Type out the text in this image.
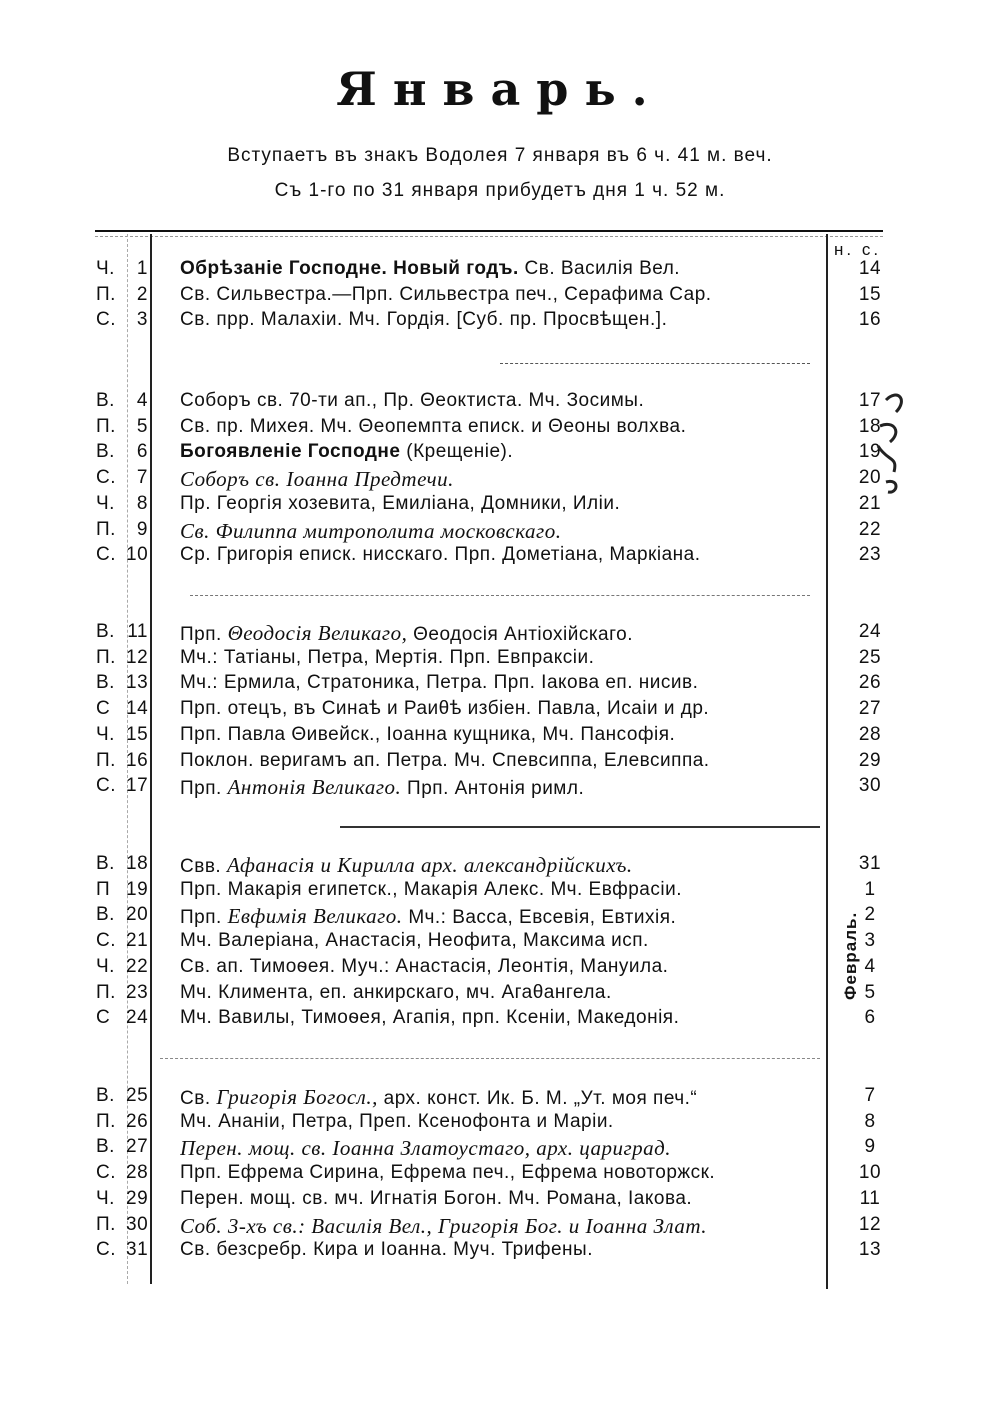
Январь.
Вступаетъ въ знакъ Водолея 7 января въ 6 ч. 41 м. веч.
Съ 1-го по 31 января прибудетъ дня 1 ч. 52 м.
н. с.
Ч.	1 Обрѣзаніе Господне. Новый годъ. Св. Василія Вел.	14
П.	2 Св. Сильвестра.—Прп. Сильвестра печ., Серафима Сар.	15
С.	3 Св. прр. Малахіи. Мч. Гордія. [Суб. пр. Просвѣщен.].	16
В.	4 Соборъ св. 70-ти ап., Пр. Θеоктиста. Мч. Зосимы.	17
П.	5 Св. пр. Михея. Мч. Θеопемпта еписк. и Θеоны волхва.	18
В.	6 Богоявленіе Господне (Крещеніе).	19
С.	7 Соборъ св. Іоанна Предтечи.	20
Ч.	8 Пр. Георгія хозевита, Емиліана, Домники, Иліи.	21
П.	9 Св. Филиппа митрополита московскаго.	22
С. 10 Ср. Григорія еписк. нисскаго. Прп. Дометіана, Маркіана.	23
В. 11 Прп. Θеодосія Великаго, Θеодосія Антіохійскаго.	24
П. 12 Мч.: Татіаны, Петра, Мертія. Прп. Евпраксіи.	25
В. 13 Мч.: Ермила, Стратоника, Петра. Прп. Іакова еп. нисив.	26
С 14 Прп. отецъ, въ Синаѣ и Раиθѣ избіен. Павла, Исаіи и др.	27
Ч. 15 Прп. Павла Θивейск., Іоанна кущника, Мч. Пансофія.	28
П. 16 Поклон. веригамъ ап. Петра. Мч. Спевсиппа, Елевсиппа.	29
С. 17 Прп. Антонія Великаго. Прп. Антонія римл.	30
В. 18 Свв. Афанасія и Кирилла арх. александрійскихъ.	31
П 19 Прп. Макарія египетск., Макарія Алекс. Мч. Евфрасіи.	1
В. 20 Прп. Евфимія Великаго. Мч.: Васса, Евсевія, Евтихія.	2
С. 21 Мч. Валеріана, Анастасія, Неофита, Максима исп.	3
Ч. 22 Св. ап. Тимоѳея. Муч.: Анастасія, Леонтія, Мануила.	4
П. 23 Мч. Климента, еп. анкирскаго, мч. Агаθангела.	5
С 24 Мч. Вавилы, Тимоѳея, Агапія, прп. Ксеніи, Македонія.	6
В. 25 Св. Григорія Богосл., арх. конст. Ик. Б. М. „Ут. моя печ.“	7
П. 26 Мч. Ананіи, Петра, Преп. Ксенофонта и Маріи.	8
В. 27 Перен. мощ. св. Іоанна Златоустаго, арх. цариград.	9
С. 28 Прп. Ефрема Сирина, Ефрема печ., Ефрема новоторжск.	10
Ч. 29 Перен. мощ. св. мч. Игнатія Богон. Мч. Романа, Іакова.	11
П. 30 Соб. 3-хъ св.: Василія Вел., Григорія Бог. и Іоанна Злат.	12
С. 31 Св. безсребр. Кира и Іоанна. Муч. Трифены.	13
Февраль.
